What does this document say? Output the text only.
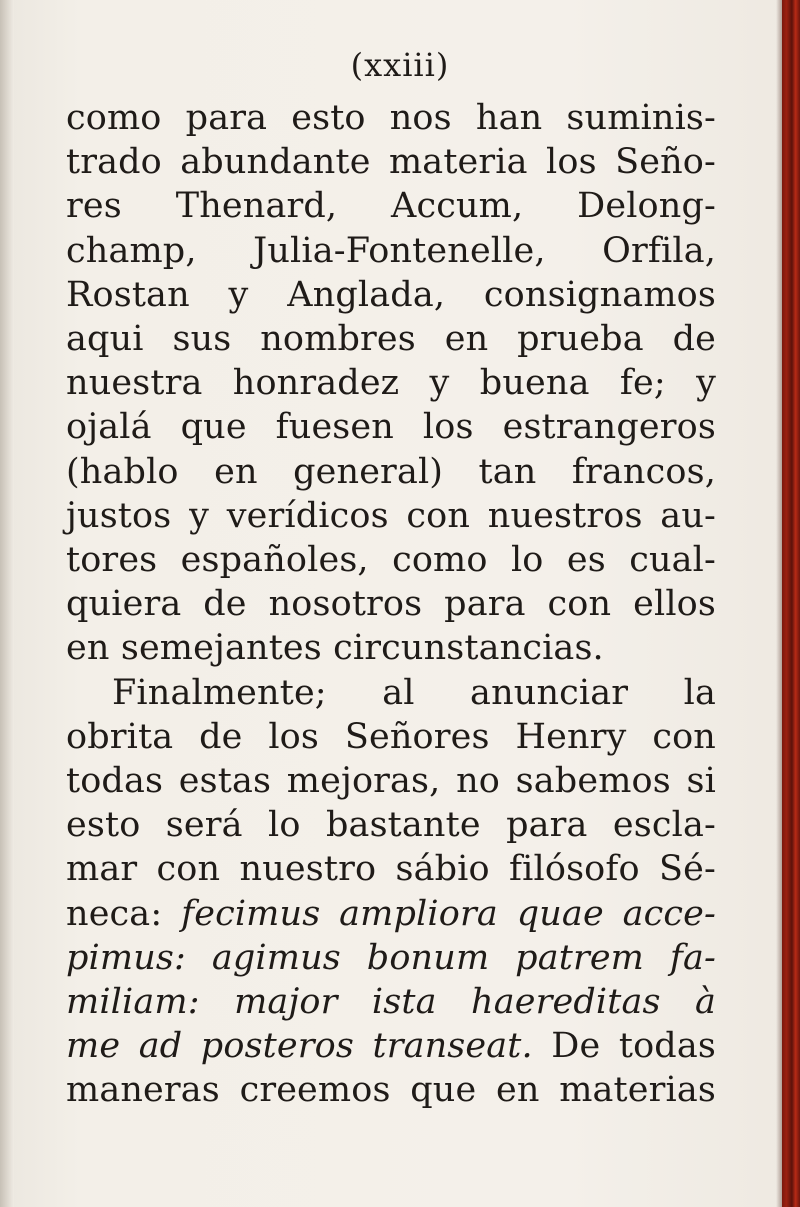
(xxiii)
como para esto nos han suminis-
trado abundante materia los Seño-
res Thenard, Accum, Delong-
champ, Julia-Fontenelle, Orfila,
Rostan y Anglada, consignamos
aqui sus nombres en prueba de
nuestra honradez y buena fe; y
ojalá que fuesen los estrangeros
(hablo en general) tan francos,
justos y verídicos con nuestros au-
tores españoles, como lo es cual-
quiera de nosotros para con ellos
en semejantes circunstancias.
Finalmente; al anunciar la
obrita de los Señores Henry con
todas estas mejoras, no sabemos si
esto será lo bastante para escla-
mar con nuestro sábio filósofo Sé-
neca: fecimus ampliora quae acce-
pimus: agimus bonum patrem fa-
miliam: major ista haereditas à
me ad posteros transeat. De todas
maneras creemos que en materias
